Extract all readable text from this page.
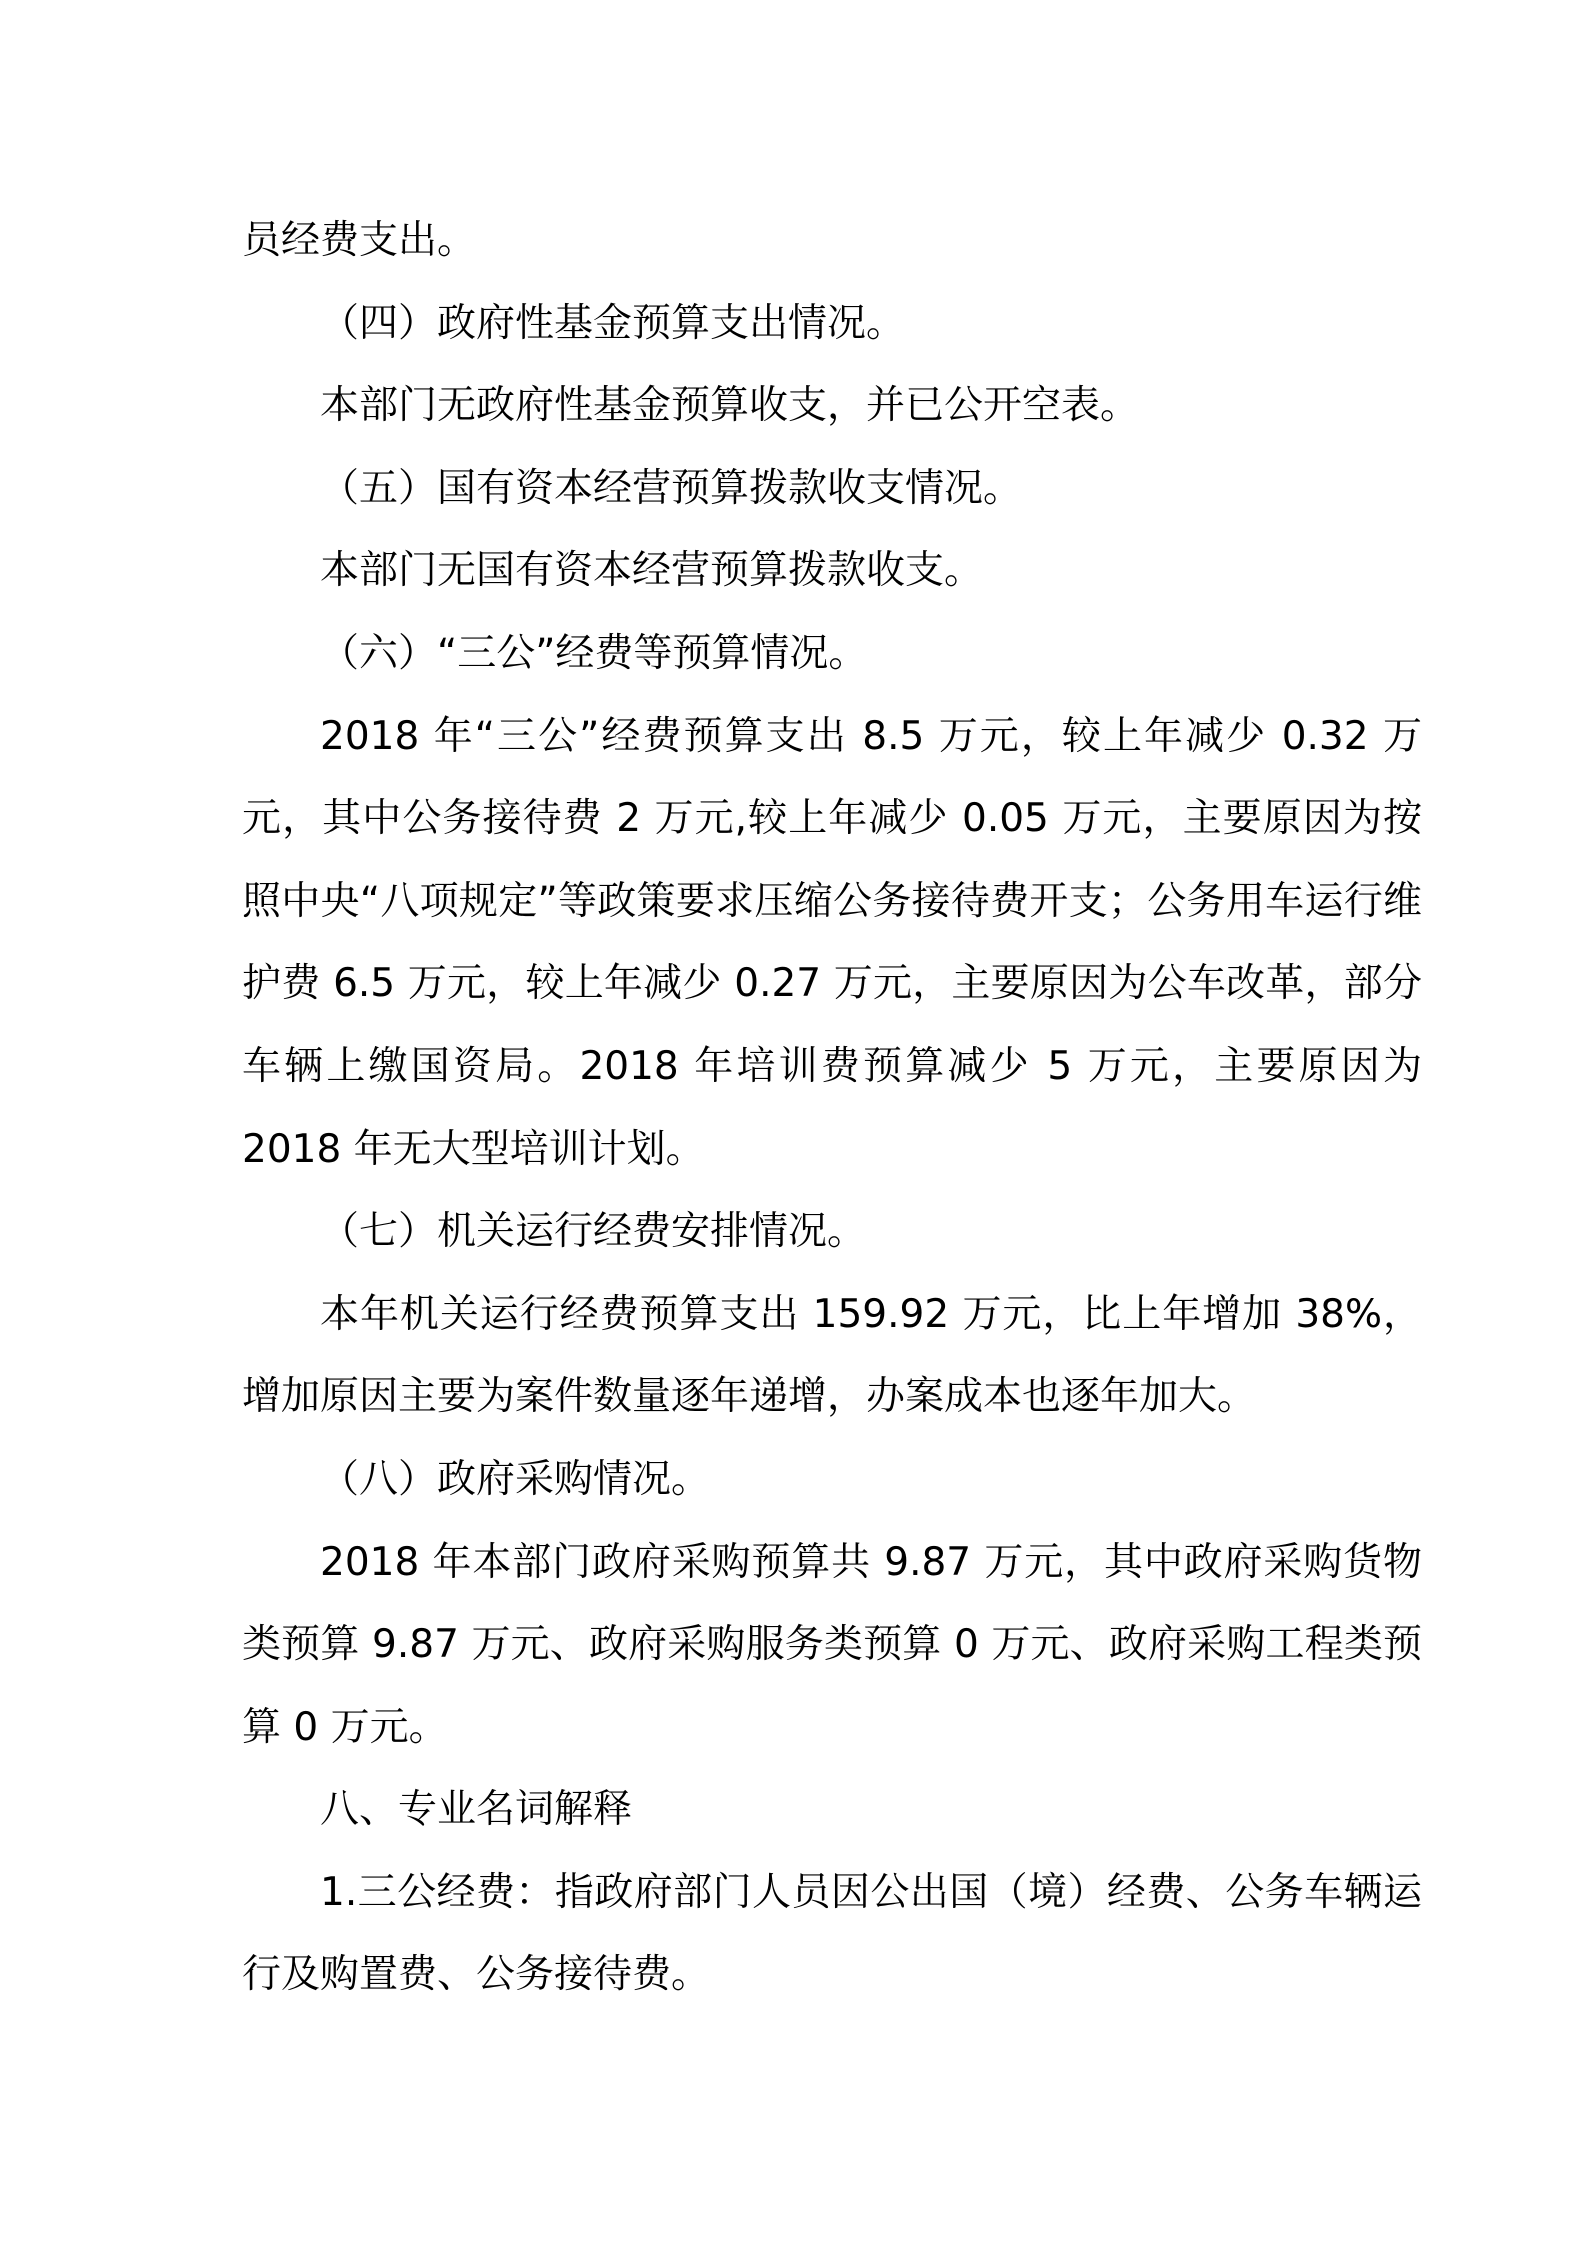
员经费支出。

（四）政府性基金预算支出情况。

本部门无政府性基金预算收支，并已公开空表。

（五）国有资本经营预算拨款收支情况。

本部门无国有资本经营预算拨款收支。

（六）“三公”经费等预算情况。

2018 年“三公”经费预算支出 8.5 万元，较上年减少 0.32 万元，其中公务接待费 2 万元,较上年减少 0.05 万元，主要原因为按照中央“八项规定”等政策要求压缩公务接待费开支；公务用车运行维护费 6.5 万元，较上年减少 0.27 万元，主要原因为公车改革，部分车辆上缴国资局。2018 年培训费预算减少 5 万元，主要原因为 2018 年无大型培训计划。

（七）机关运行经费安排情况。

本年机关运行经费预算支出 159.92 万元，比上年增加 38%，增加原因主要为案件数量逐年递增，办案成本也逐年加大。

（八）政府采购情况。

2018 年本部门政府采购预算共 9.87 万元，其中政府采购货物类预算 9.87 万元、政府采购服务类预算 0 万元、政府采购工程类预算 0 万元。

八、专业名词解释

1.三公经费：指政府部门人员因公出国（境）经费、公务车辆运行及购置费、公务接待费。
